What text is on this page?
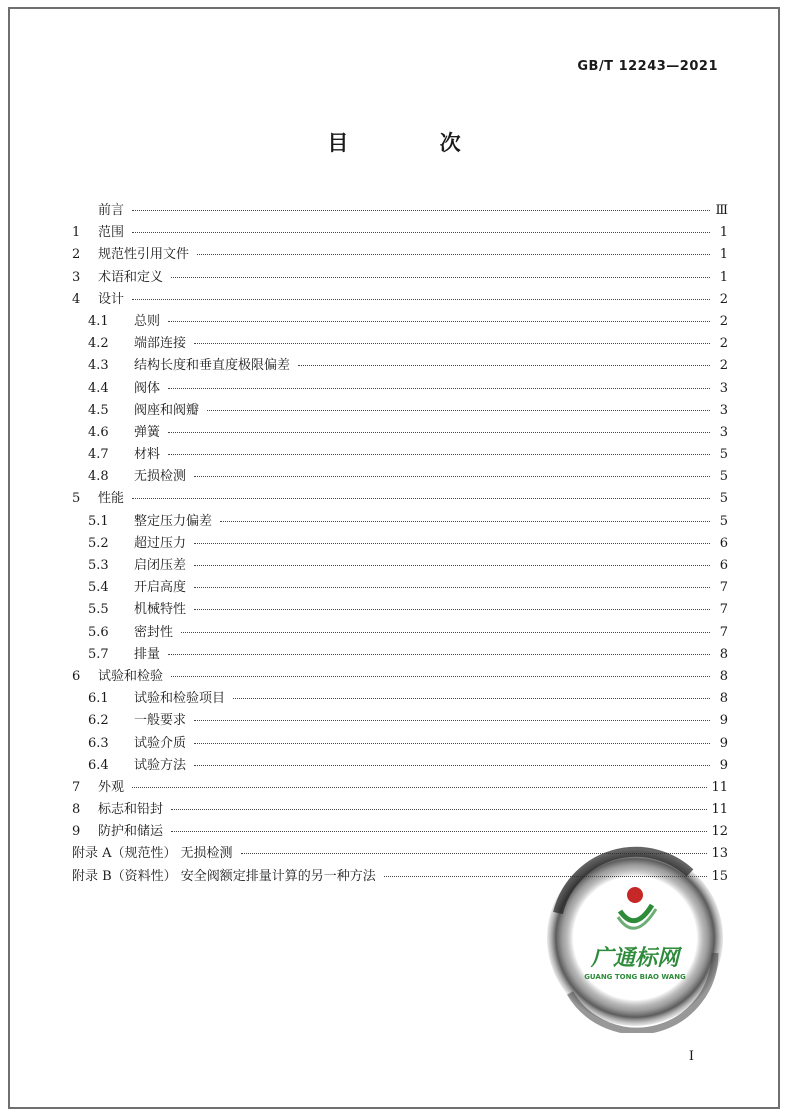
GB/T 12243—2021
目 次
前言	Ⅲ
1	范围	1
2	规范性引用文件	1
3	术语和定义	1
4	设计	2
4.1	总则	2
4.2	端部连接	2
4.3	结构长度和垂直度极限偏差	2
4.4	阀体	3
4.5	阀座和阀瓣	3
4.6	弹簧	3
4.7	材料	5
4.8	无损检测	5
5	性能	5
5.1	整定压力偏差	5
5.2	超过压力	6
5.3	启闭压差	6
5.4	开启高度	7
5.5	机械特性	7
5.6	密封性	7
5.7	排量	8
6	试验和检验	8
6.1	试验和检验项目	8
6.2	一般要求	9
6.3	试验介质	9
6.4	试验方法	9
7	外观	11
8	标志和铅封	11
9	防护和储运	12
附录 A（规范性） 无损检测	13
附录 B（资料性） 安全阀额定排量计算的另一种方法	15
I
广通标网
GUANG TONG BIAO WANG
